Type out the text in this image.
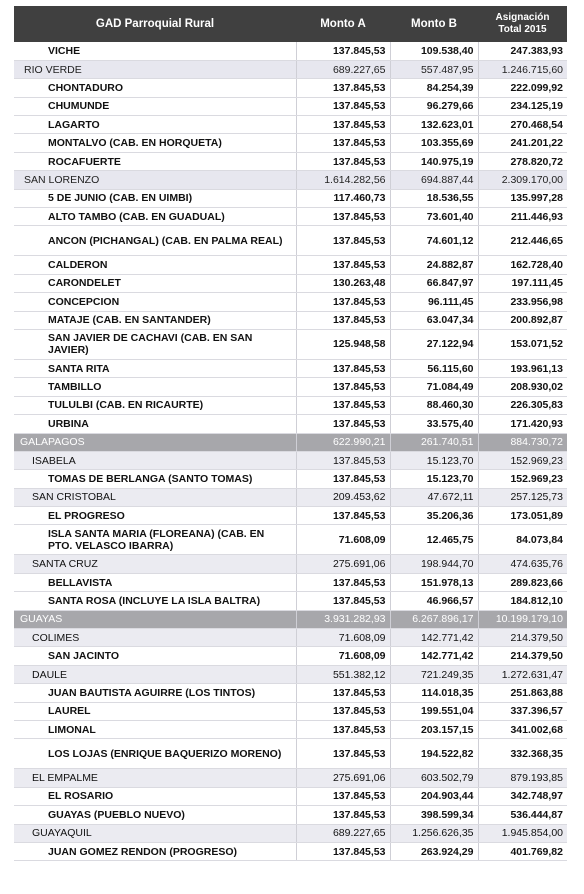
GAD Parroquial Rural	Monto A	Monto B	Asignación
Total 2015

VICHE	137.845,53	109.538,40	247.383,93
RIO VERDE	689.227,65	557.487,95	1.246.715,60
CHONTADURO	137.845,53	84.254,39	222.099,92
CHUMUNDE	137.845,53	96.279,66	234.125,19
LAGARTO	137.845,53	132.623,01	270.468,54
MONTALVO (CAB. EN HORQUETA)	137.845,53	103.355,69	241.201,22
ROCAFUERTE	137.845,53	140.975,19	278.820,72
SAN LORENZO	1.614.282,56	694.887,44	2.309.170,00
5 DE JUNIO (CAB. EN UIMBI)	117.460,73	18.536,55	135.997,28
ALTO TAMBO (CAB. EN GUADUAL)	137.845,53	73.601,40	211.446,93
ANCON (PICHANGAL) (CAB. EN PALMA REAL)	137.845,53	74.601,12	212.446,65
CALDERON	137.845,53	24.882,87	162.728,40
CARONDELET	130.263,48	66.847,97	197.111,45
CONCEPCION	137.845,53	96.111,45	233.956,98
MATAJE (CAB. EN SANTANDER)	137.845,53	63.047,34	200.892,87
SAN JAVIER DE CACHAVI (CAB. EN SAN JAVIER)	125.948,58	27.122,94	153.071,52
SANTA RITA	137.845,53	56.115,60	193.961,13
TAMBILLO	137.845,53	71.084,49	208.930,02
TULULBI (CAB. EN RICAURTE)	137.845,53	88.460,30	226.305,83
URBINA	137.845,53	33.575,40	171.420,93
GALAPAGOS	622.990,21	261.740,51	884.730,72
ISABELA	137.845,53	15.123,70	152.969,23
TOMAS DE BERLANGA (SANTO TOMAS)	137.845,53	15.123,70	152.969,23
SAN CRISTOBAL	209.453,62	47.672,11	257.125,73
EL PROGRESO	137.845,53	35.206,36	173.051,89
ISLA SANTA MARIA (FLOREANA) (CAB. EN PTO. VELASCO IBARRA)	71.608,09	12.465,75	84.073,84
SANTA CRUZ	275.691,06	198.944,70	474.635,76
BELLAVISTA	137.845,53	151.978,13	289.823,66
SANTA ROSA (INCLUYE LA ISLA BALTRA)	137.845,53	46.966,57	184.812,10
GUAYAS	3.931.282,93	6.267.896,17	10.199.179,10
COLIMES	71.608,09	142.771,42	214.379,50
SAN JACINTO	71.608,09	142.771,42	214.379,50
DAULE	551.382,12	721.249,35	1.272.631,47
JUAN BAUTISTA AGUIRRE (LOS TINTOS)	137.845,53	114.018,35	251.863,88
LAUREL	137.845,53	199.551,04	337.396,57
LIMONAL	137.845,53	203.157,15	341.002,68
LOS LOJAS (ENRIQUE BAQUERIZO MORENO)	137.845,53	194.522,82	332.368,35
EL EMPALME	275.691,06	603.502,79	879.193,85
EL ROSARIO	137.845,53	204.903,44	342.748,97
GUAYAS (PUEBLO NUEVO)	137.845,53	398.599,34	536.444,87
GUAYAQUIL	689.227,65	1.256.626,35	1.945.854,00
JUAN GOMEZ RENDON (PROGRESO)	137.845,53	263.924,29	401.769,82
